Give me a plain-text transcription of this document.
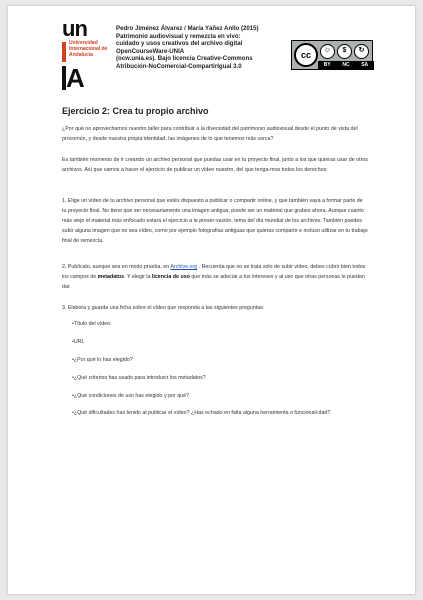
un
Universidad Internacional de Andalucía
A
Pedro Jiménez Álvarez / María Yáñez Anllo (2015)
Patrimonio audiovisual y remezcla en vivo:
cuidado y usos creativos del archivo digital
OpenCourseWare-UNIA
(ocw.unia.es). Bajo licencia Creative-Commons
Atribución-NoComercial-CompartirIgual 3.0
cc	☺	$	↻
BY NC SA
Ejercicio 2: Crea tu propio archivo
¿Por qué no aprovechamos nuestro taller para contribuir a la diversidad del patrimonio audiovisual desde el punto de vista del procomún, y desde nuestra propia identidad, las imágenes de lo que tenemos más cerca?
Es también momento de ir creando un archivo personal que puedas usar en tu proyecto final, junto a los que quieras usar de otros archivos. Así que vamos a hacer el ejercicio de publicar un vídeo nuestro, del que tenga-mos todos los derechos:
1. Elige un vídeo de tu archivo personal que estés dispuesto a publicar o compartir online, y que también vaya a formar parte de tu proyecto final. No tiene que ser necesariamente una imagen antigua, puede ser un material que grabes ahora. Aunque cuanto más viejo el material más enfocado estará el ejercicio a la preser-vación, tema del día mundial de los archivos. También puedes subir alguna imagen que no sea vídeo, como por ejemplo fotografías antiguas que quieras compartir e incluso utilizar en tu trabajo final de remezcla.
2. Publícalo, aunque sea en modo prueba, en Archive.org . Recuerda que no se trata solo de subir vídeo, debes cubrir bien todos los campos de metadatos. Y elegir la licencia de uso que más se adecúe a tus intereses y al uso que otras personas le puedan dar.
3. Elabora y guarda una ficha sobre el vídeo que responda a las siguientes preguntas:
•Título del vídeo:
•URL
•¿Por qué lo has elegido?
•¿Qué criterios has usado para introducir los metadatos?
•¿Qué condiciones de uso has elegido y por qué?
•¿Qué dificultades has tenido al publicar el vídeo? ¿Has echado en falta alguna herramienta o funcionali-dad?
